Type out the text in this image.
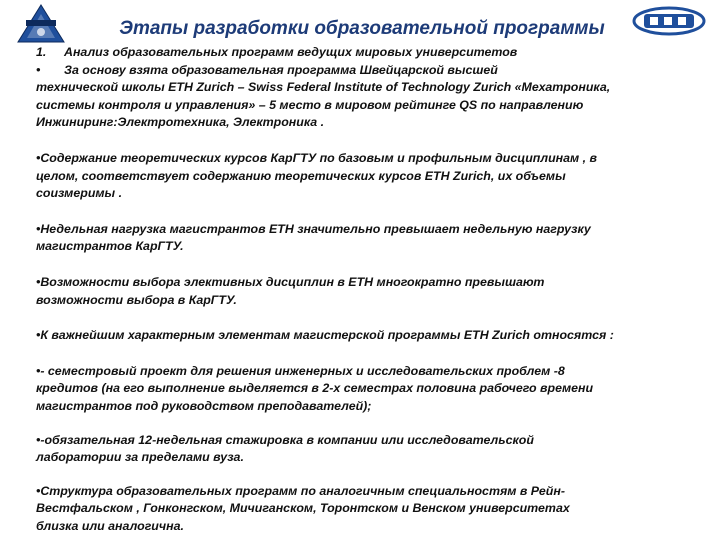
Этапы разработки образовательной программы
1.	Анализ образовательных программ ведущих мировых университетов
•	За основу взята образовательная программа Швейцарской высшей
технической школы ETH Zurich – Swiss Federal Institute of Technology Zurich «Мехатроника,
системы контроля и управления» – 5 место в мировом рейтинге QS по направлению
Инжиниринг:Электротехника, Электроника .
•Содержание теоретических курсов КарГТУ по базовым и профильным дисциплинам , в
целом, соответствует содержанию теоретических курсов ETH Zurich, их объемы
соизмеримы .
•Недельная нагрузка магистрантов ETH значительно превышает недельную нагрузку
магистрантов КарГТУ.
•Возможности выбора элективных дисциплин в ETH многократно превышают
возможности выбора в КарГТУ.
•К важнейшим характерным элементам магистерской программы ETH Zurich относятся :
•- семестровый проект для решения инженерных и исследовательских проблем -8
кредитов (на его выполнение выделяется в 2-х семестрах половина рабочего времени
магистрантов под руководством преподавателей);
•-обязательная 12-недельная стажировка в компании или исследовательской
лаборатории за пределами вуза.
•Структура образовательных программ по аналогичным специальностям в Рейн-
Вестфальском , Гонконгском, Мичиганском, Торонтском и Венском университетах
близка или аналогична.
